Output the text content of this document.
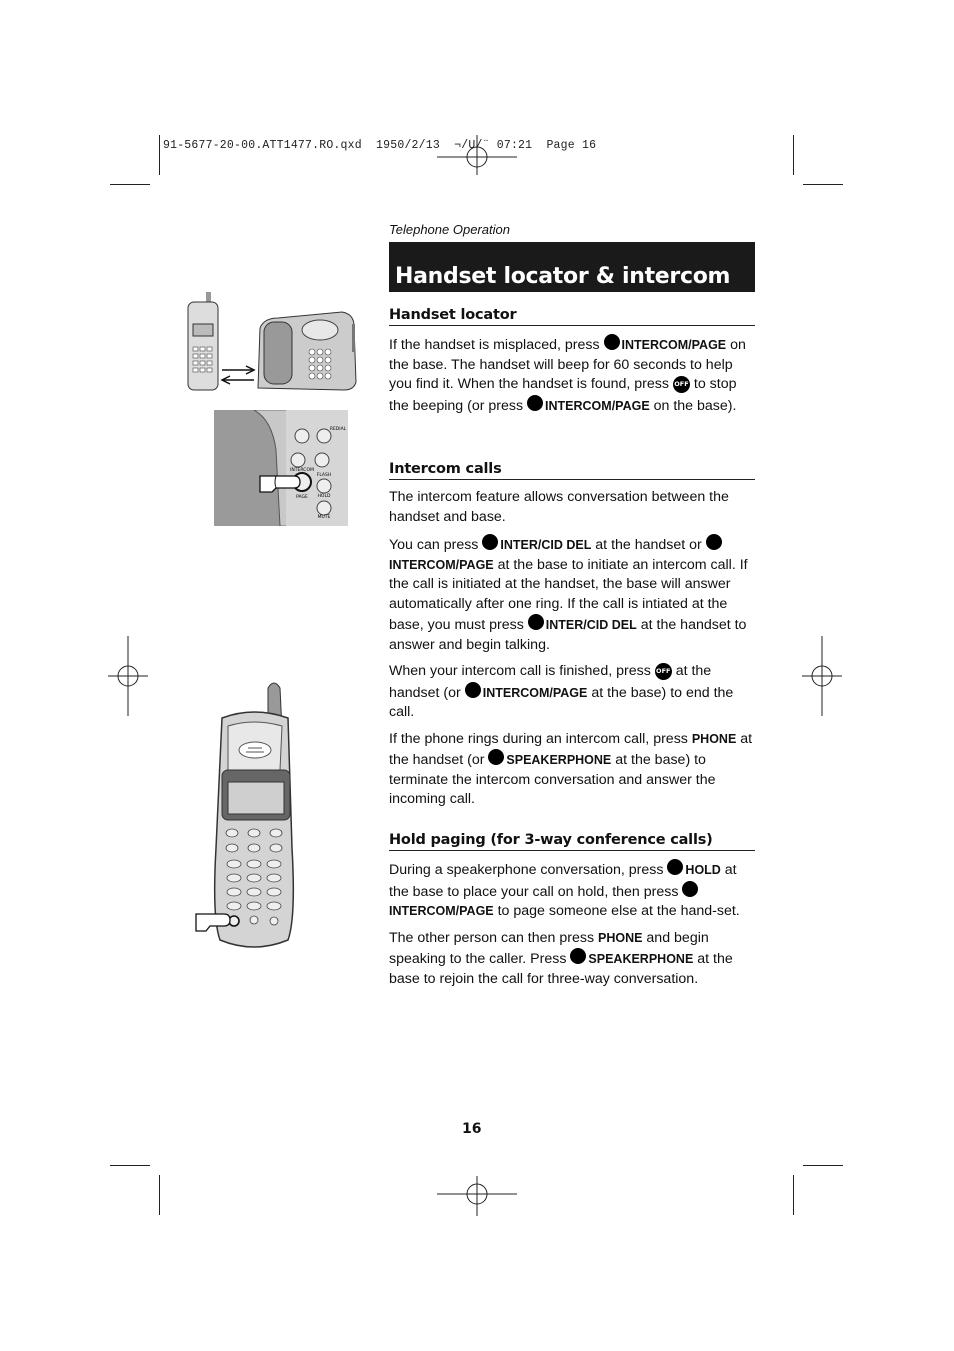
91-5677-20-00.ATT1477.RO.qxd  1950/2/13  ¬/U/¨ 07:21  Page 16
Telephone Operation
Handset locator & intercom
INTERCOM
PAGE
FLASH
HOLD
MUTE
REDIAL
Handset locator

If the handset is misplaced, press INTERCOM/PAGE on the base. The handset will beep for 60 seconds to help you find it. When the handset is found, press OFF to stop the beeping (or press INTERCOM/PAGE on the base).

Intercom calls

The intercom feature allows conversation between the handset and base.

You can press INTER/CID DEL at the handset or INTERCOM/PAGE at the base to initiate an intercom call. If the call is initiated at the handset, the base will answer automatically after one ring. If the call is intiated at the base, you must press INTER/CID DEL at the handset to answer and begin talking.

When your intercom call is finished, press OFF at the handset (or INTERCOM/PAGE at the base) to end the call.

If the phone rings during an intercom call, press PHONE at the handset (or SPEAKERPHONE at the base) to terminate the intercom conversation and answer the incoming call.

Hold paging (for 3-way conference calls)

During a speakerphone conversation, press HOLD at the base to place your call on hold, then press INTERCOM/PAGE to page someone else at the hand-set.

The other person can then press PHONE and begin speaking to the caller. Press SPEAKERPHONE at the base to rejoin the call for three-way conversation.

16
